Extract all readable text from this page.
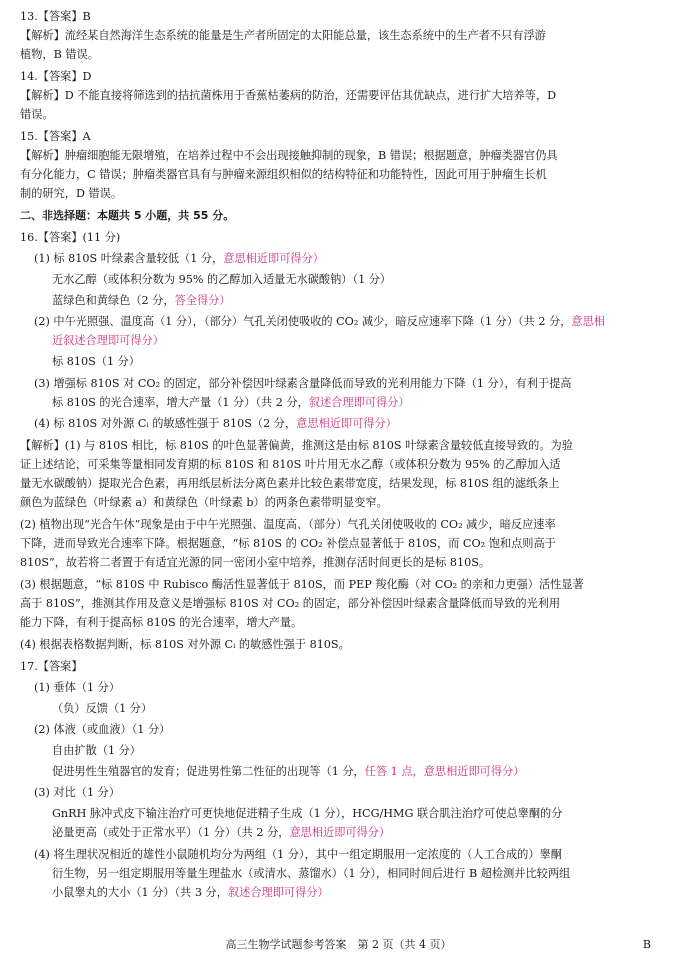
13.【答案】B
【解析】流经某自然海洋生态系统的能量是生产者所固定的太阳能总量，该生态系统中的生产者不只有浮游
植物，B 错误。
14.【答案】D
【解析】D 不能直接将筛选到的拮抗菌株用于香蕉枯萎病的防治，还需要评估其优缺点，进行扩大培养等，D
错误。
15.【答案】A
【解析】肿瘤细胞能无限增殖，在培养过程中不会出现接触抑制的现象，B 错误；根据题意，肿瘤类器官仍具
有分化能力，C 错误；肿瘤类器官具有与肿瘤来源组织相似的结构特征和功能特性，因此可用于肿瘤生长机
制的研究，D 错误。
二、非选择题：本题共 5 小题，共 55 分。
16.【答案】(11 分)
(1) 标 810S 叶绿素含量较低（1 分，意思相近即可得分）
无水乙醇（或体积分数为 95% 的乙醇加入适量无水碳酸钠）（1 分）
蓝绿色和黄绿色（2 分，答全得分）
(2) 中午光照强、温度高（1 分），（部分）气孔关闭使吸收的 CO₂ 减少，暗反应速率下降（1 分）（共 2 分，意思相
近叙述合理即可得分）
标 810S（1 分）
(3) 增强标 810S 对 CO₂ 的固定，部分补偿因叶绿素含量降低而导致的光利用能力下降（1 分），有利于提高
标 810S 的光合速率，增大产量（1 分）（共 2 分，叙述合理即可得分）
(4) 标 810S 对外源 Cᵢ 的敏感性强于 810S（2 分，意思相近即可得分）
【解析】(1) 与 810S 相比，标 810S 的叶色显著偏黄，推测这是由标 810S 叶绿素含量较低直接导致的。为验
证上述结论，可采集等量相同发育期的标 810S 和 810S 叶片用无水乙醇（或体积分数为 95% 的乙醇加入适
量无水碳酸钠）提取光合色素，再用纸层析法分离色素并比较色素带宽度，结果发现，标 810S 组的滤纸条上
颜色为蓝绿色（叶绿素 a）和黄绿色（叶绿素 b）的两条色素带明显变窄。
(2) 植物出现“光合午休”现象是由于中午光照强、温度高、（部分）气孔关闭使吸收的 CO₂ 减少，暗反应速率
下降，进而导致光合速率下降。根据题意，“标 810S 的 CO₂ 补偿点显著低于 810S，而 CO₂ 饱和点则高于
810S”，故若将二者置于有适宜光源的同一密闭小室中培养，推测存活时间更长的是标 810S。
(3) 根据题意，“标 810S 中 Rubisco 酶活性显著低于 810S，而 PEP 羧化酶（对 CO₂ 的亲和力更强）活性显著
高于 810S”，推测其作用及意义是增强标 810S 对 CO₂ 的固定，部分补偿因叶绿素含量降低而导致的光利用
能力下降，有利于提高标 810S 的光合速率，增大产量。
(4) 根据表格数据判断，标 810S 对外源 Cᵢ 的敏感性强于 810S。
17.【答案】
(1) 垂体（1 分）
（负）反馈（1 分）
(2) 体液（或血液）（1 分）
自由扩散（1 分）
促进男性生殖器官的发育；促进男性第二性征的出现等（1 分，任答 1 点，意思相近即可得分）
(3) 对比（1 分）
GnRH 脉冲式皮下输注治疗可更快地促进精子生成（1 分），HCG/HMG 联合肌注治疗可使总睾酮的分
泌量更高（或处于正常水平）（1 分）（共 2 分，意思相近即可得分）
(4) 将生理状况相近的雄性小鼠随机均分为两组（1 分），其中一组定期服用一定浓度的（人工合成的）睾酮
衍生物，另一组定期服用等量生理盐水（或清水、蒸馏水）（1 分），相同时间后进行 B 超检测并比较两组
小鼠睾丸的大小（1 分）（共 3 分，叙述合理即可得分）
高三生物学试题参考答案　第 2 页（共 4 页）	B
